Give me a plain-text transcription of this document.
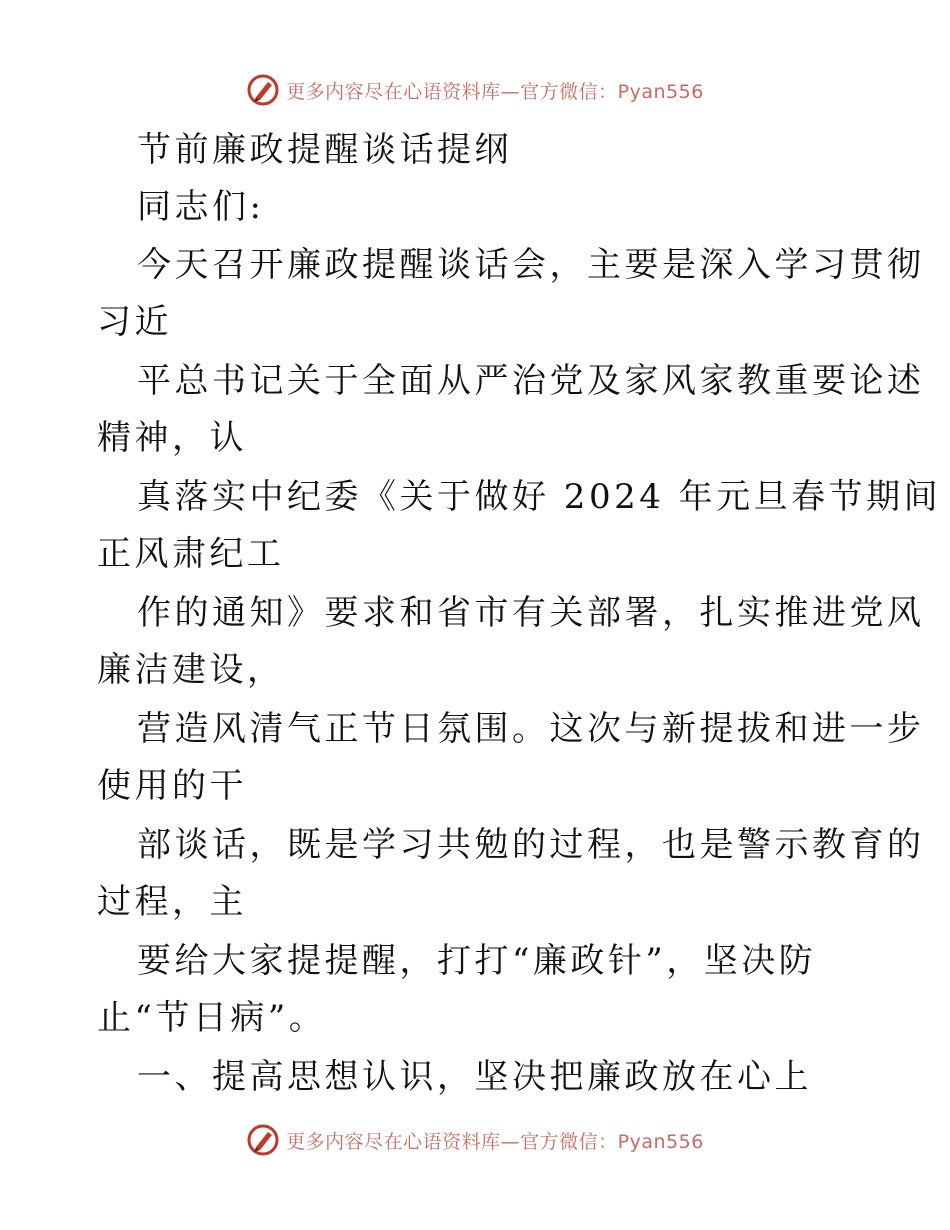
更多内容尽在心语资料库—官方微信：Pyan556
节前廉政提醒谈话提纲
同志们:
今天召开廉政提醒谈话会，主要是深入学习贯彻
习近
平总书记关于全面从严治党及家风家教重要论述
精神，认
真落实中纪委《关于做好 2024 年元旦春节期间
正风肃纪工
作的通知》要求和省市有关部署，扎实推进党风
廉洁建设，
营造风清气正节日氛围。这次与新提拔和进一步
使用的干
部谈话，既是学习共勉的过程，也是警示教育的
过程，主
要给大家提提醒，打打“廉政针”，坚决防
止“节日病”。
一、提高思想认识，坚决把廉政放在心上
更多内容尽在心语资料库—官方微信：Pyan556
